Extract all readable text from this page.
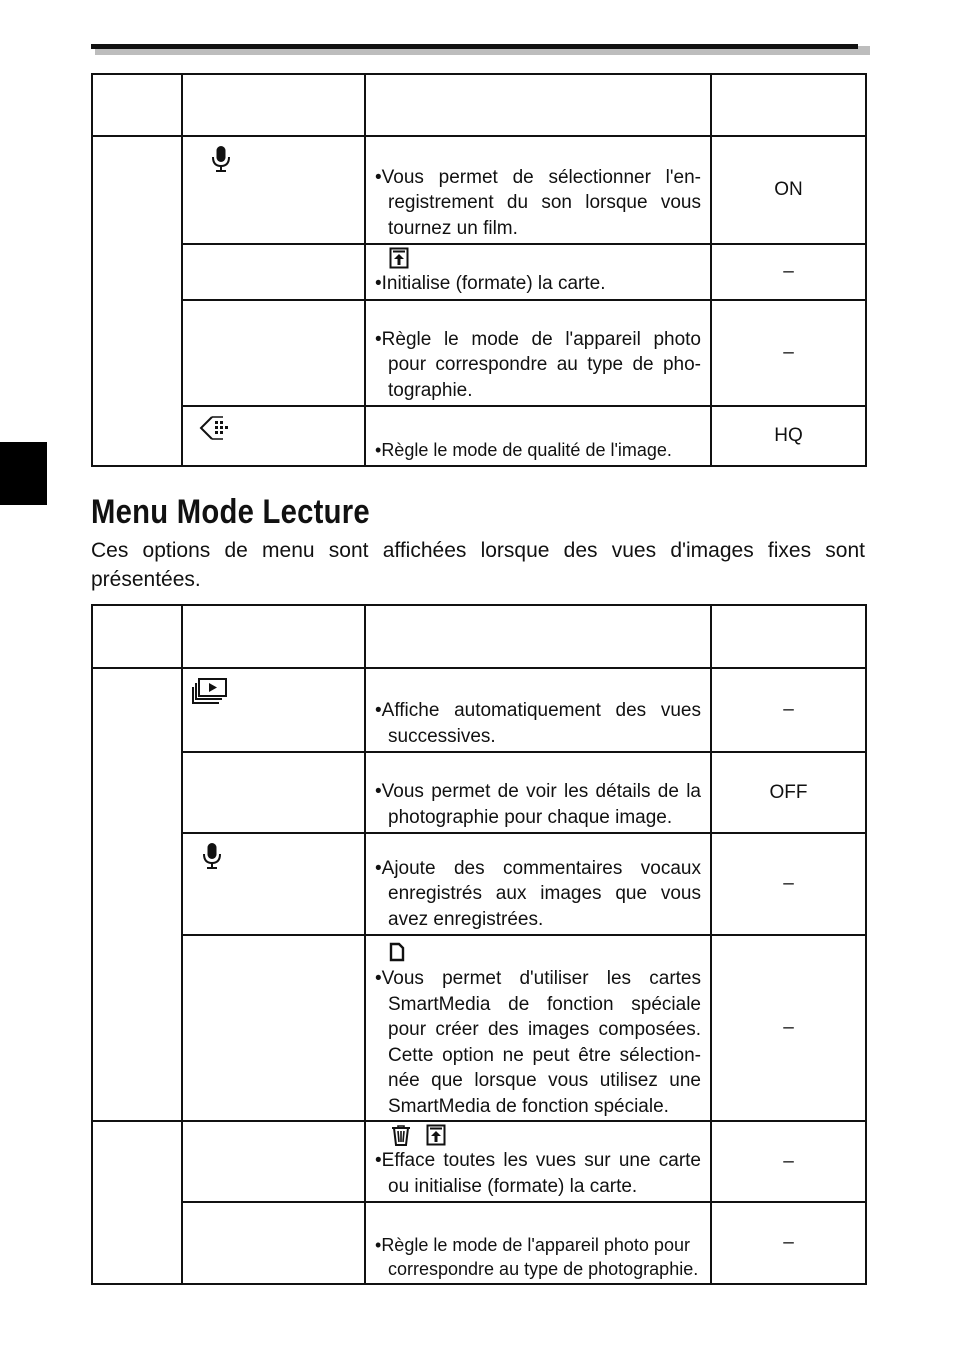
•Vous permet de sélectionner l'enregistrement du son lorsque vous tournez un film.	ON

		•Initialise (formate) la carte.	–

		•Règle le mode de l'appareil photo pour correspondre au type de photographie.	–

•Règle le mode de qualité de l'image.	HQ
Menu Mode Lecture
Ces options de menu sont affichées lorsque des vues d'images fixes sont présentées.

•Affiche automatiquement des vues successives.	–

		•Vous permet de voir les détails de la photographie pour chaque image.	OFF

•Ajoute des commentaires vocaux enregistrés aux images que vous avez enregistrées.	–

		•Vous permet d'utiliser les cartes SmartMedia de fonction spéciale pour créer des images composées. Cette option ne peut être sélectionnée que lorsque vous utilisez une SmartMedia de fonction spéciale.	–

		•Efface toutes les vues sur une carte ou initialise (formate) la carte.	–

		•Règle le mode de l'appareil photo pour correspondre au type de photographie.	–
